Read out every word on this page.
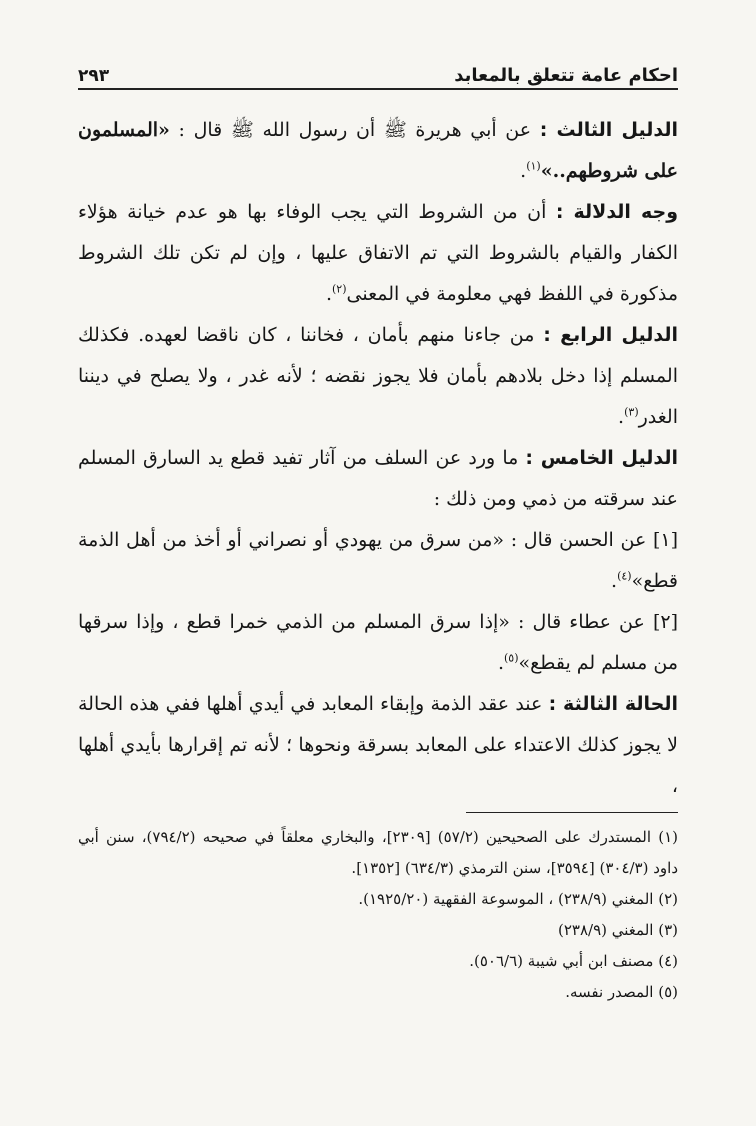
احكام عامة تتعلق بالمعابد
٢٩٣

الدليل الثالث : عن أبي هريرة ﷺ أن رسول الله ﷺ قال : «المسلمون على شروطهم..»$^{(١)}$.

وجه الدلالة : أن من الشروط التي يجب الوفاء بها هو عدم خيانة هؤلاء الكفار والقيام بالشروط التي تم الاتفاق عليها ، وإن لم تكن تلك الشروط مذكورة في اللفظ فهي معلومة في المعنى$^{(٢)}$.

الدليل الرابع : من جاءنا منهم بأمان ، فخاننا ، كان ناقضا لعهده. فكذلك المسلم إذا دخل بلادهم بأمان فلا يجوز نقضه ؛ لأنه غدر ، ولا يصلح في ديننا الغدر$^{(٣)}$.

الدليل الخامس : ما ورد عن السلف من آثار تفيد قطع يد السارق المسلم عند سرقته من ذمي ومن ذلك :

[١] عن الحسن قال : «من سرق من يهودي أو نصراني أو أخذ من أهل الذمة قطع»$^{(٤)}$.

[٢] عن عطاء قال : «إذا سرق المسلم من الذمي خمرا قطع ، وإذا سرقها من مسلم لم يقطع»$^{(٥)}$.

الحالة الثالثة : عند عقد الذمة وإبقاء المعابد في أيدي أهلها ففي هذه الحالة لا يجوز كذلك الاعتداء على المعابد بسرقة ونحوها ؛ لأنه تم إقرارها بأيدي أهلها ،

(١) المستدرك على الصحيحين (٥٧/٢) [٢٣٠٩]، والبخاري معلقاً في صحيحه (٧٩٤/٢)، سنن أبي داود (٣٠٤/٣) [٣٥٩٤]، سنن الترمذي (٦٣٤/٣) [١٣٥٢].

(٢) المغني (٢٣٨/٩) ، الموسوعة الفقهية (١٩٢٥/٢٠).

(٣) المغني (٢٣٨/٩)

(٤) مصنف ابن أبي شيبة (٥٠٦/٦).

(٥) المصدر نفسه.
